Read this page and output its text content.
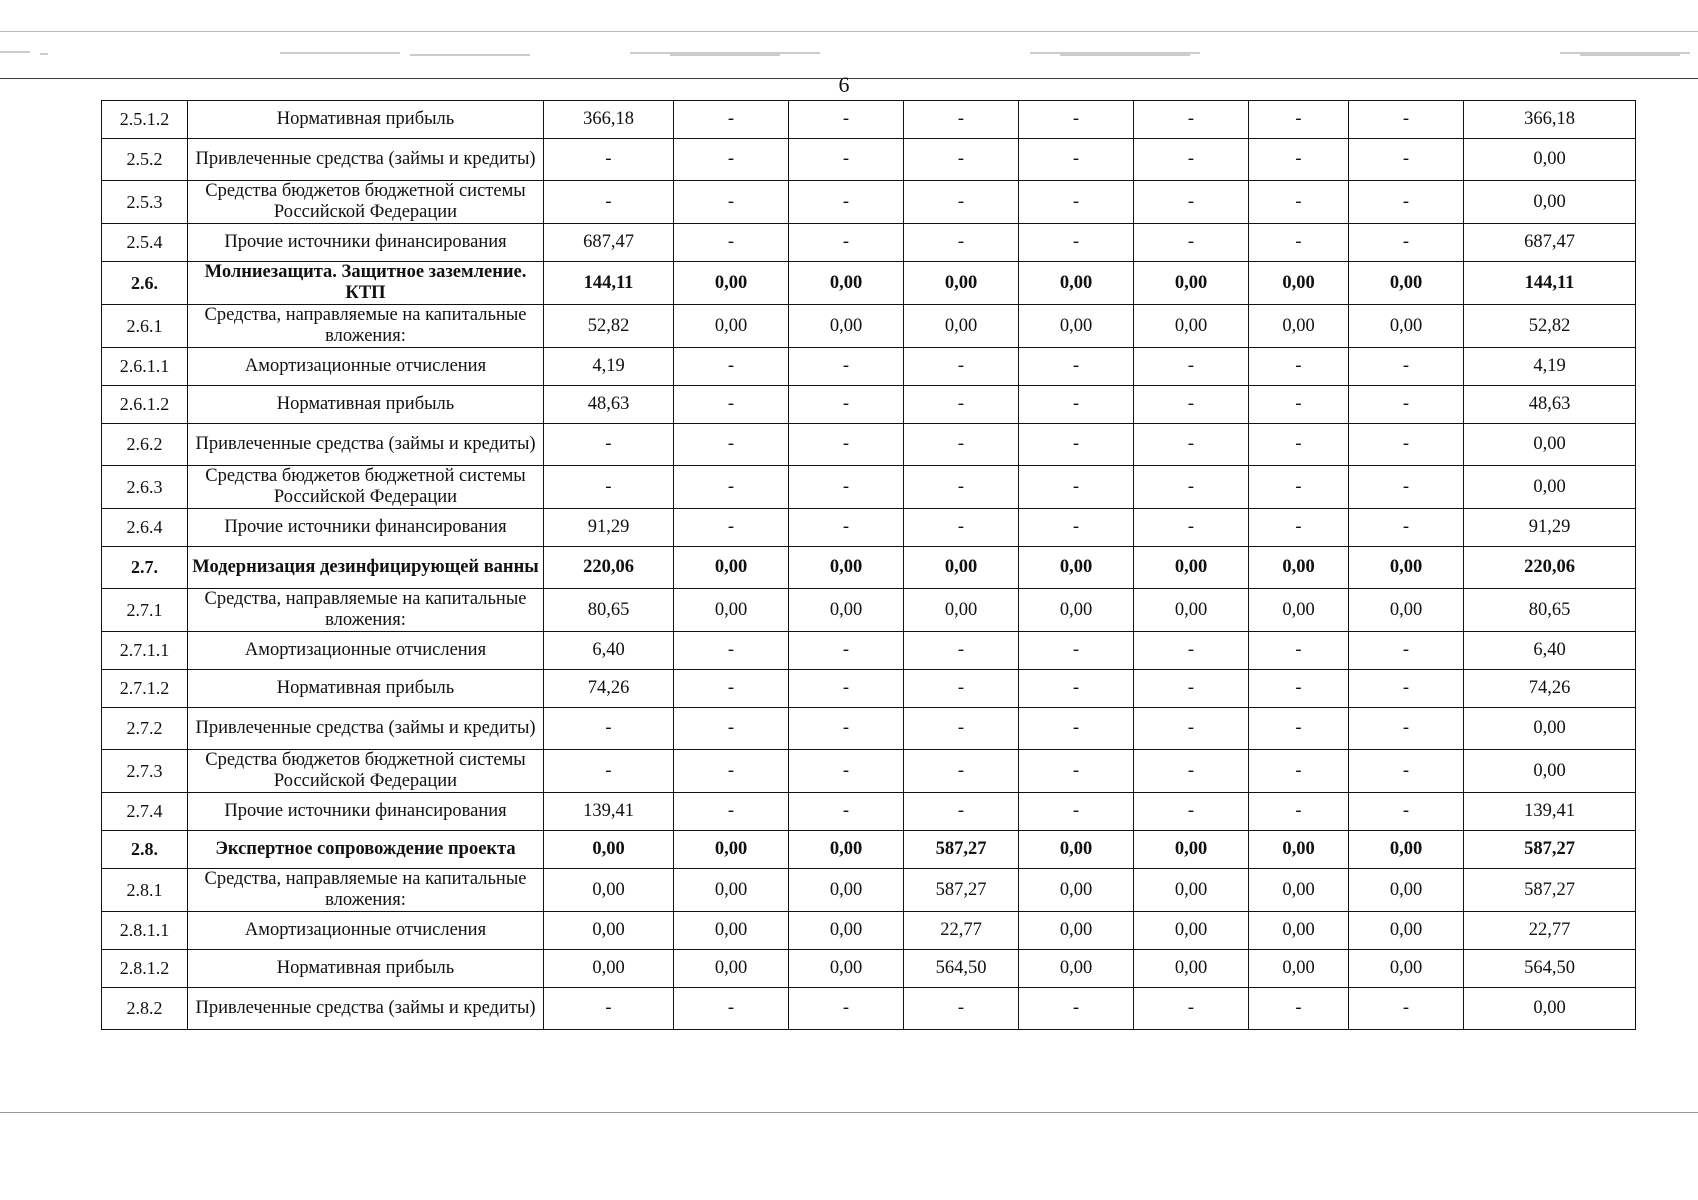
6
2.5.1.2	Нормативная прибыль	366,18	-	-	-	-	-	-	-	366,18
2.5.2	Привлеченные средства (займы и кредиты)	-	-	-	-	-	-	-	-	0,00
2.5.3	Средства бюджетов бюджетной системы Российской Федерации	-	-	-	-	-	-	-	-	0,00
2.5.4	Прочие источники финансирования	687,47	-	-	-	-	-	-	-	687,47
2.6.	Молниезащита. Защитное заземление. КТП	144,11	0,00	0,00	0,00	0,00	0,00	0,00	0,00	144,11
2.6.1	Средства, направляемые на капитальные вложения:	52,82	0,00	0,00	0,00	0,00	0,00	0,00	0,00	52,82
2.6.1.1	Амортизационные отчисления	4,19	-	-	-	-	-	-	-	4,19
2.6.1.2	Нормативная прибыль	48,63	-	-	-	-	-	-	-	48,63
2.6.2	Привлеченные средства (займы и кредиты)	-	-	-	-	-	-	-	-	0,00
2.6.3	Средства бюджетов бюджетной системы Российской Федерации	-	-	-	-	-	-	-	-	0,00
2.6.4	Прочие источники финансирования	91,29	-	-	-	-	-	-	-	91,29
2.7.	Модернизация дезинфицирующей ванны	220,06	0,00	0,00	0,00	0,00	0,00	0,00	0,00	220,06
2.7.1	Средства, направляемые на капитальные вложения:	80,65	0,00	0,00	0,00	0,00	0,00	0,00	0,00	80,65
2.7.1.1	Амортизационные отчисления	6,40	-	-	-	-	-	-	-	6,40
2.7.1.2	Нормативная прибыль	74,26	-	-	-	-	-	-	-	74,26
2.7.2	Привлеченные средства (займы и кредиты)	-	-	-	-	-	-	-	-	0,00
2.7.3	Средства бюджетов бюджетной системы Российской Федерации	-	-	-	-	-	-	-	-	0,00
2.7.4	Прочие источники финансирования	139,41	-	-	-	-	-	-	-	139,41
2.8.	Экспертное сопровождение проекта	0,00	0,00	0,00	587,27	0,00	0,00	0,00	0,00	587,27
2.8.1	Средства, направляемые на капитальные вложения:	0,00	0,00	0,00	587,27	0,00	0,00	0,00	0,00	587,27
2.8.1.1	Амортизационные отчисления	0,00	0,00	0,00	22,77	0,00	0,00	0,00	0,00	22,77
2.8.1.2	Нормативная прибыль	0,00	0,00	0,00	564,50	0,00	0,00	0,00	0,00	564,50
2.8.2	Привлеченные средства (займы и кредиты)	-	-	-	-	-	-	-	-	0,00
